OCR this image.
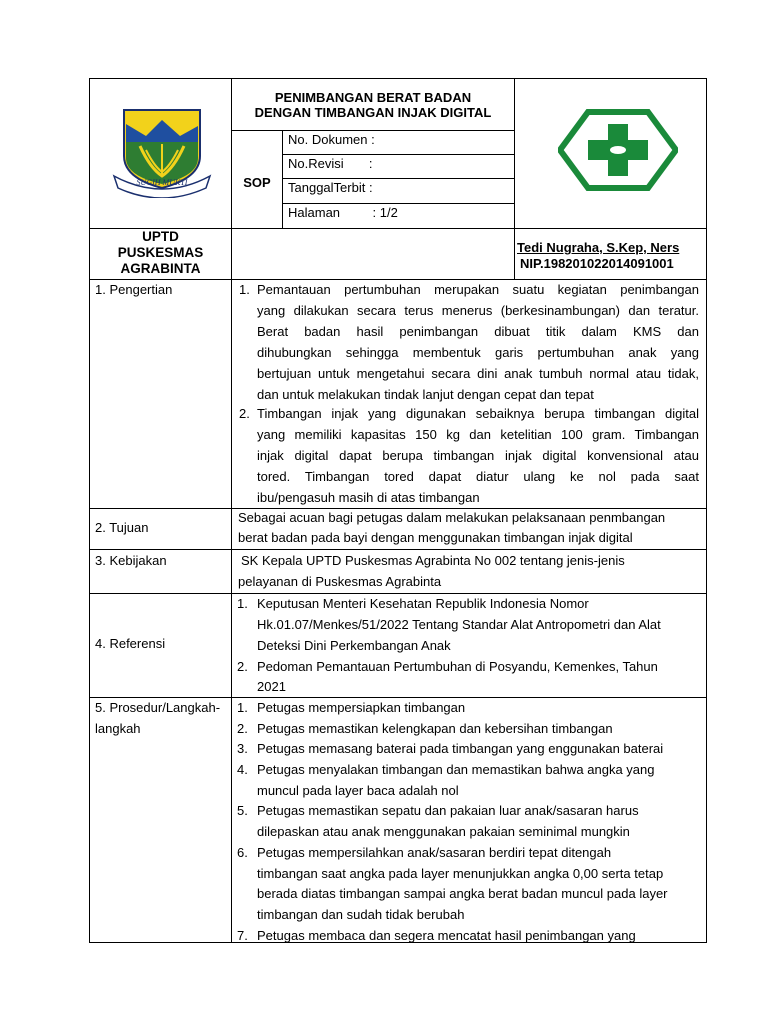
SUGIH MUKTI
PENIMBANGAN BERAT BADAN
DENGAN TIMBANGAN INJAK DIGITAL
SOP
No. Dokumen :
No.Revisi       :
TanggalTerbit :
Halaman         : 1/2
UPTD
PUSKESMAS
AGRABINTA
Tedi Nugraha, S.Kep, Ners
NIP.198201022014091001
1. Pengertian	1. Pemantauan pertumbuhan merupakan suatu kegiatan penimbangan
yang dilakukan secara terus menerus (berkesinambungan) dan teratur.
Berat badan hasil penimbangan dibuat titik dalam KMS dan
dihubungkan sehingga membentuk garis pertumbuhan anak yang
bertujuan untuk mengetahui secara dini anak tumbuh normal atau tidak,
dan untuk melakukan tindak lanjut dengan cepat dan tepat
2. Timbangan injak yang digunakan sebaiknya berupa timbangan digital
yang memiliki kapasitas 150 kg dan ketelitian 100 gram. Timbangan
injak digital dapat berupa timbangan injak digital konvensional atau
tored. Timbangan tored dapat diatur ulang ke nol pada saat
ibu/pengasuh masih di atas timbangan
2. Tujuan
Sebagai acuan bagi petugas dalam melakukan pelaksanaan penmbangan
berat badan pada bayi dengan menggunakan timbangan injak digital
3. Kebijakan	SK Kepala UPTD Puskesmas Agrabinta No 002 tentang jenis-jenis
pelayanan di Puskesmas Agrabinta
4. Referensi
1. Keputusan Menteri Kesehatan Republik Indonesia Nomor
Hk.01.07/Menkes/51/2022 Tentang Standar Alat Antropometri dan Alat
Deteksi Dini Perkembangan Anak
2. Pedoman Pemantauan Pertumbuhan di Posyandu, Kemenkes, Tahun
2021
5. Prosedur/Langkah-
langkah
1. Petugas mempersiapkan timbangan
2. Petugas memastikan kelengkapan dan kebersihan timbangan
3. Petugas memasang baterai pada timbangan yang enggunakan baterai
4. Petugas menyalakan timbangan dan memastikan bahwa angka yang
muncul pada layer baca adalah nol
5. Petugas memastikan sepatu dan pakaian luar anak/sasaran harus
dilepaskan atau anak menggunakan pakaian seminimal mungkin
6. Petugas mempersilahkan anak/sasaran berdiri tepat ditengah
timbangan saat angka pada layer menunjukkan angka 0,00 serta tetap
berada diatas timbangan sampai angka berat badan muncul pada layer
timbangan dan sudah tidak berubah
7. Petugas membaca dan segera mencatat hasil penimbangan yang
